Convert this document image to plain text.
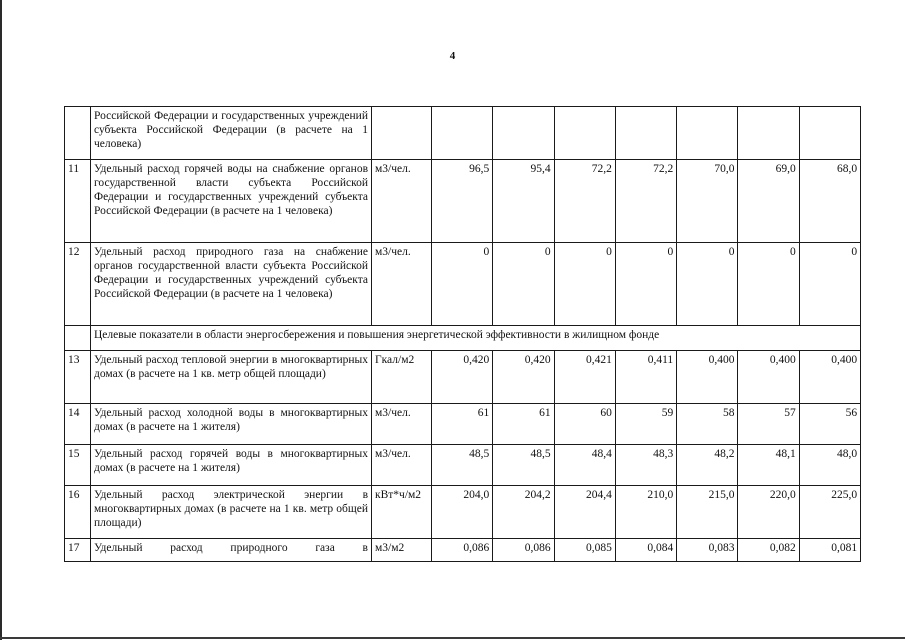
4
	Российской Федерации и государственных учреждений субъекта Российской Федерации (в расчете на 1 человека)								
11	Удельный расход горячей воды на снабжение органов государственной власти субъекта Российской Федерации и государственных учреждений субъекта Российской Федерации (в расчете на 1 человека)	м3/чел.	96,5	95,4	72,2	72,2	70,0	69,0	68,0
12	Удельный расход природного газа на снабжение органов государственной власти субъекта Российской Федерации и государственных учреждений субъекта Российской Федерации (в расчете на 1 человека)	м3/чел.	0	0	0	0	0	0	0
	Целевые показатели в области энергосбережения и повышения энергетической эффективности в жилищном фонде								
13	Удельный расход тепловой энергии в многоквартирных домах (в расчете на 1 кв. метр общей площади)	Гкал/м2	0,420	0,420	0,421	0,411	0,400	0,400	0,400
14	Удельный расход холодной воды в многоквартирных домах (в расчете на 1 жителя)	м3/чел.	61	61	60	59	58	57	56
15	Удельный расход горячей воды в многоквартирных домах (в расчете на 1 жителя)	м3/чел.	48,5	48,5	48,4	48,3	48,2	48,1	48,0
16	Удельный расход электрической энергии в многоквартирных домах (в расчете на 1 кв. метр общей площади)	кВт*ч/м2	204,0	204,2	204,4	210,0	215,0	220,0	225,0
17	Удельный расход природного газа в	м3/м2	0,086	0,086	0,085	0,084	0,083	0,082	0,081
